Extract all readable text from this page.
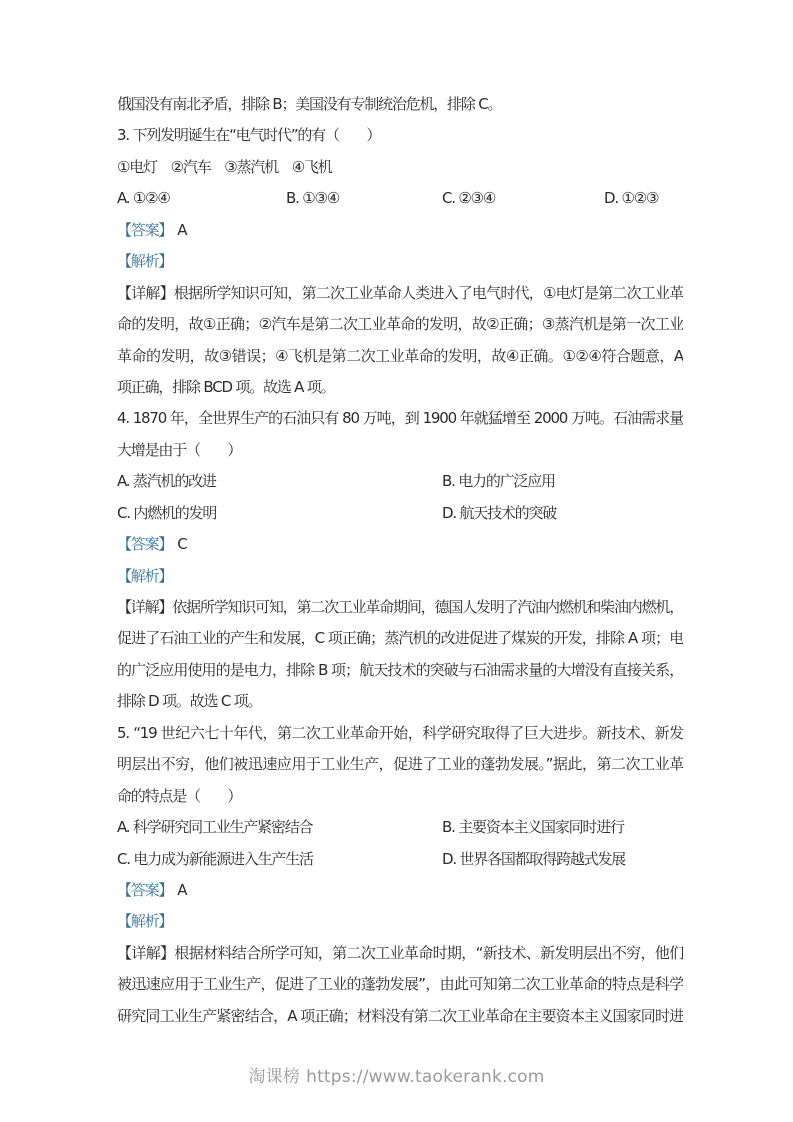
俄国没有南北矛盾，排除 B；美国没有专制统治危机，排除 C。
3. 下列发明诞生在“电气时代”的有（　　）
①电灯　②汽车　③蒸汽机　④飞机
A. ①②④	B. ①③④	C. ②③④	D. ①②③
【答案】 A
【解析】
【详解】根据所学知识可知，第二次工业革命人类进入了电气时代，①电灯是第二次工业革
命的发明，故①正确；②汽车是第二次工业革命的发明，故②正确；③蒸汽机是第一次工业
革命的发明，故③错误；④飞机是第二次工业革命的发明，故④正确。①②④符合题意，A
项正确，排除 BCD 项。故选 A 项。
4. 1870 年，全世界生产的石油只有 80 万吨，到 1900 年就猛增至 2000 万吨。石油需求量
大增是由于（　　）
A. 蒸汽机的改进	B. 电力的广泛应用
C. 内燃机的发明	D. 航天技术的突破
【答案】 C
【解析】
【详解】依据所学知识可知，第二次工业革命期间，德国人发明了汽油内燃机和柴油内燃机，
促进了石油工业的产生和发展，C 项正确；蒸汽机的改进促进了煤炭的开发，排除 A 项；电
的广泛应用使用的是电力，排除 B 项；航天技术的突破与石油需求量的大增没有直接关系，
排除 D 项。故选 C 项。
5. “19 世纪六七十年代，第二次工业革命开始，科学研究取得了巨大进步。新技术、新发
明层出不穷，他们被迅速应用于工业生产，促进了工业的蓬勃发展。”据此，第二次工业革
命的特点是（　　）
A. 科学研究同工业生产紧密结合	B. 主要资本主义国家同时进行
C. 电力成为新能源进入生产生活	D. 世界各国都取得跨越式发展
【答案】 A
【解析】
【详解】根据材料结合所学可知，第二次工业革命时期，“新技术、新发明层出不穷，他们
被迅速应用于工业生产，促进了工业的蓬勃发展”，由此可知第二次工业革命的特点是科学
研究同工业生产紧密结合，A 项正确；材料没有第二次工业革命在主要资本主义国家同时进
淘课榜 https://www.taokerank.com
